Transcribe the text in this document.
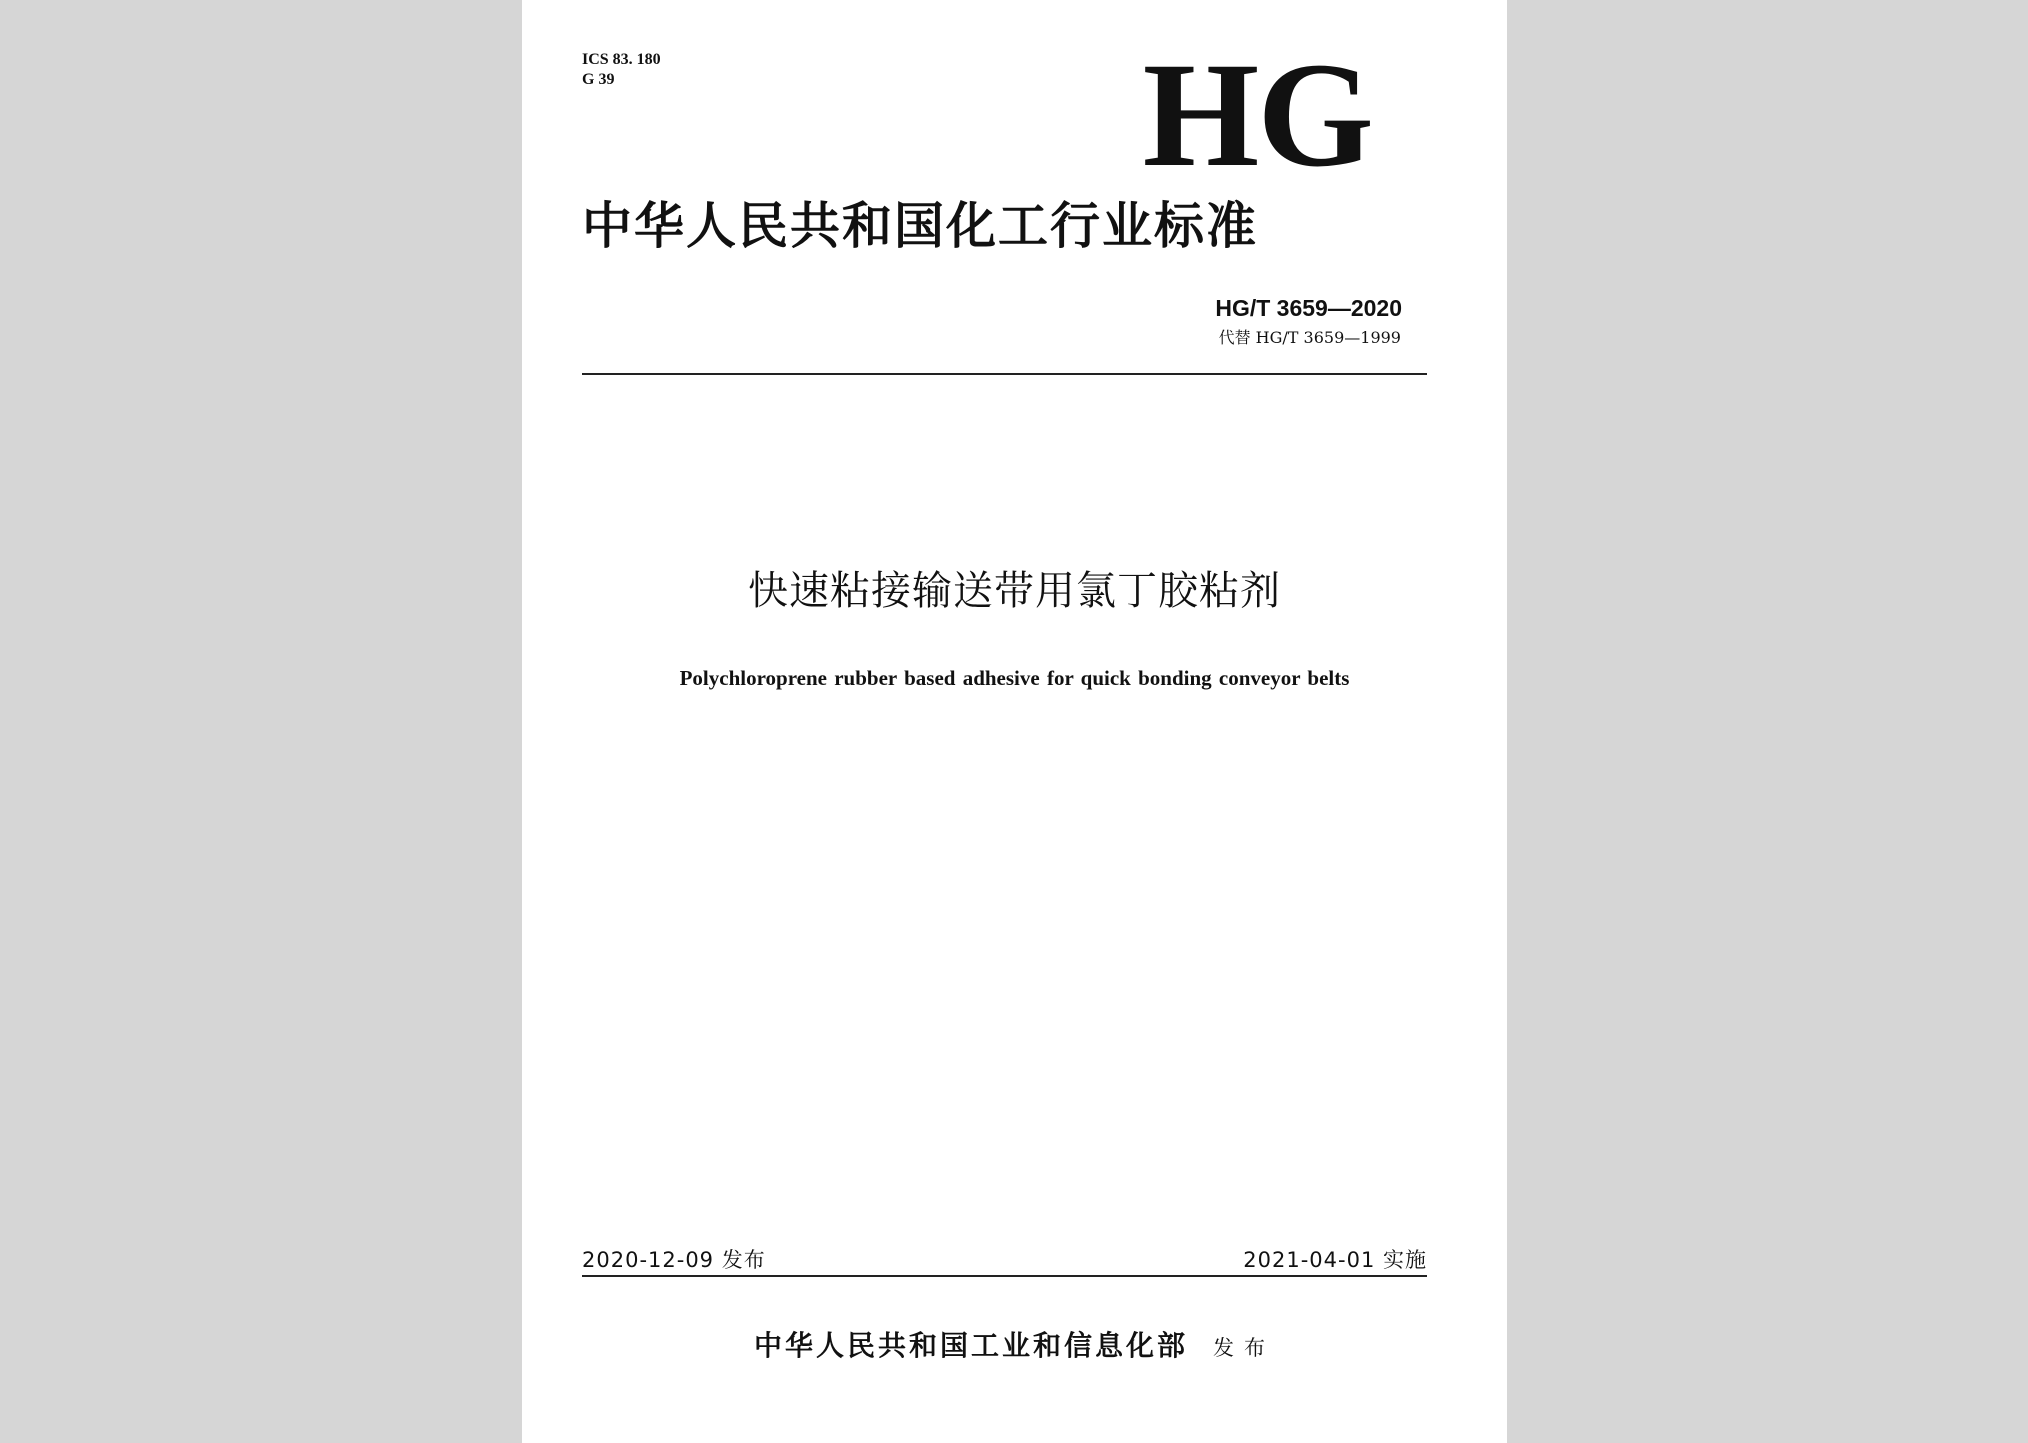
ICS 83. 180
G 39	HG
中华人民共和国化工行业标准
HG/T 3659—2020
代替 HG/T 3659—1999
快速粘接输送带用氯丁胶粘剂
Polychloroprene rubber based adhesive for quick bonding conveyor belts
2020-12-09 发布	2021-04-01 实施
中华人民共和国工业和信息化部 发布
